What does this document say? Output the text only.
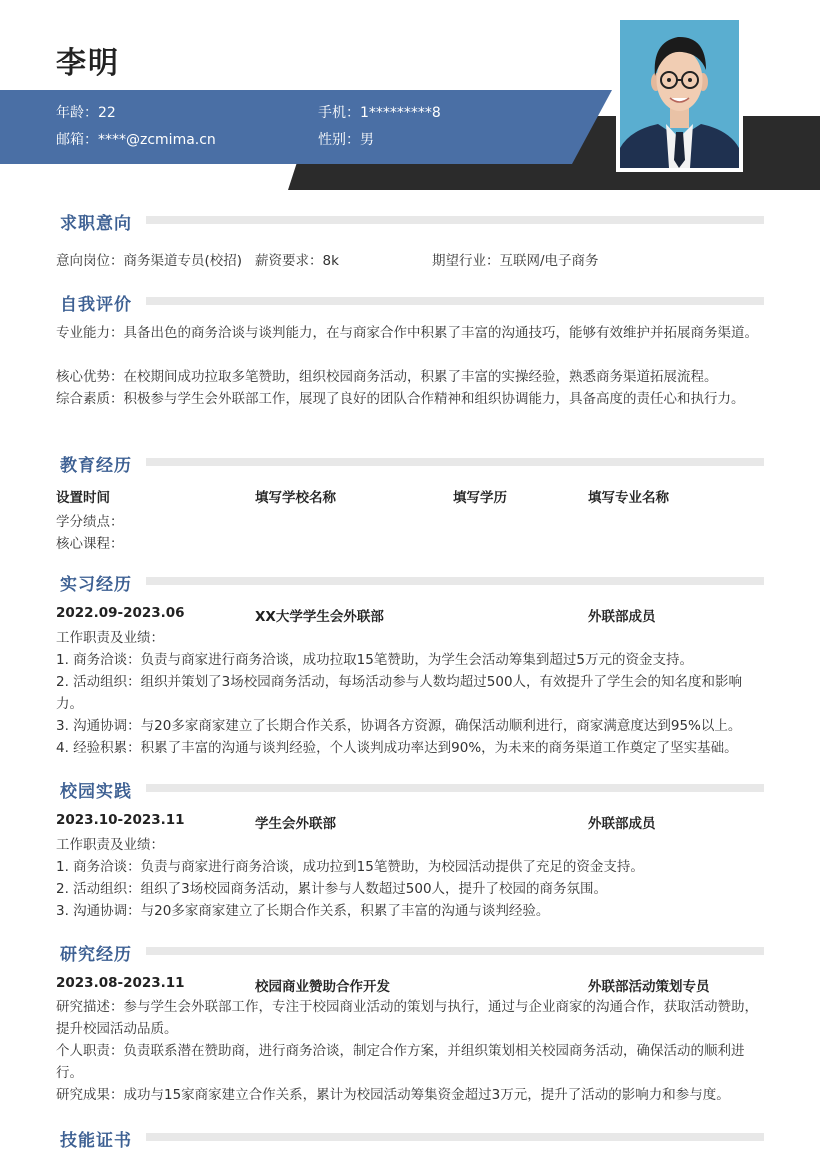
李明
年龄：22	手机：1*********8
邮箱：****@zcmima.cn	性别：男
求职意向
意向岗位：商务渠道专员(校招) 薪资要求：8k	期望行业：互联网/电子商务
自我评价
专业能力：具备出色的商务洽谈与谈判能力，在与商家合作中积累了丰富的沟通技巧，能够有效维护并拓展商务渠道。
核心优势：在校期间成功拉取多笔赞助，组织校园商务活动，积累了丰富的实操经验，熟悉商务渠道拓展流程。
综合素质：积极参与学生会外联部工作，展现了良好的团队合作精神和组织协调能力，具备高度的责任心和执行力。
教育经历
设置时间	填写学校名称	填写学历	填写专业名称
学分绩点：
核心课程：
实习经历
2022.09-2023.06	XX大学学生会外联部	外联部成员
工作职责及业绩：
1. 商务洽谈：负责与商家进行商务洽谈，成功拉取15笔赞助，为学生会活动筹集到超过5万元的资金支持。
2. 活动组织：组织并策划了3场校园商务活动，每场活动参与人数均超过500人，有效提升了学生会的知名度和影响力。
3. 沟通协调：与20多家商家建立了长期合作关系，协调各方资源，确保活动顺利进行，商家满意度达到95%以上。
4. 经验积累：积累了丰富的沟通与谈判经验，个人谈判成功率达到90%，为未来的商务渠道工作奠定了坚实基础。
校园实践
2023.10-2023.11	学生会外联部	外联部成员
工作职责及业绩：
1. 商务洽谈：负责与商家进行商务洽谈，成功拉到15笔赞助，为校园活动提供了充足的资金支持。
2. 活动组织：组织了3场校园商务活动，累计参与人数超过500人，提升了校园的商务氛围。
3. 沟通协调：与20多家商家建立了长期合作关系，积累了丰富的沟通与谈判经验。
研究经历
2023.08-2023.11	校园商业赞助合作开发	外联部活动策划专员
研究描述：参与学生会外联部工作，专注于校园商业活动的策划与执行，通过与企业商家的沟通合作，获取活动赞助，提升校园活动品质。
个人职责：负责联系潜在赞助商，进行商务洽谈，制定合作方案，并组织策划相关校园商务活动，确保活动的顺利进行。
研究成果：成功与15家商家建立合作关系，累计为校园活动筹集资金超过3万元，提升了活动的影响力和参与度。
技能证书
